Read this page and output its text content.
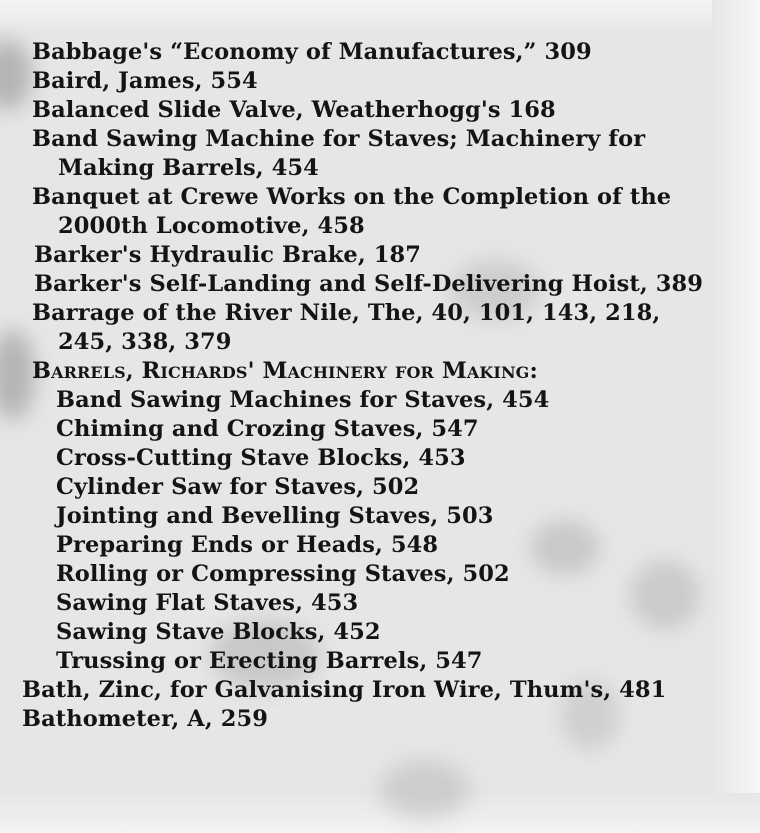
Babbage's “Economy of Manufactures,” 309
Baird, James, 554
Balanced Slide Valve, Weatherhogg's 168
Band Sawing Machine for Staves; Machinery for Making Barrels, 454
Banquet at Crewe Works on the Completion of the 2000th Locomotive, 458
Barker's Hydraulic Brake, 187
Barker's Self-Landing and Self-Delivering Hoist, 389
Barrage of the River Nile, The, 40, 101, 143, 218, 245, 338, 379
Barrels, Richards' Machinery for Making:
Band Sawing Machines for Staves, 454
Chiming and Crozing Staves, 547
Cross-Cutting Stave Blocks, 453
Cylinder Saw for Staves, 502
Jointing and Bevelling Staves, 503
Preparing Ends or Heads, 548
Rolling or Compressing Staves, 502
Sawing Flat Staves, 453
Sawing Stave Blocks, 452
Trussing or Erecting Barrels, 547
Bath, Zinc, for Galvanising Iron Wire, Thum's, 481
Bathometer, A, 259
